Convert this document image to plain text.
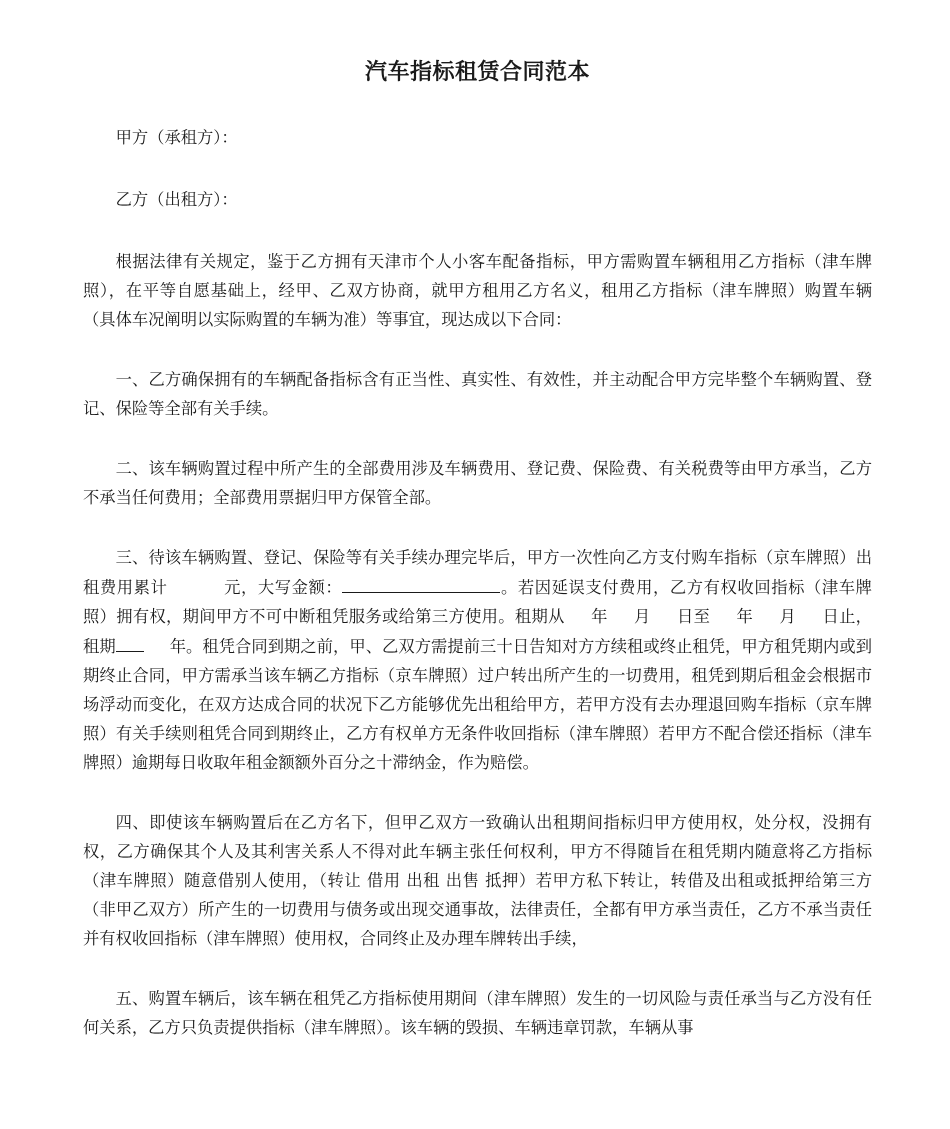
汽车指标租赁合同范本

甲方（承租方）：

乙方（出租方）：

根据法律有关规定，鉴于乙方拥有天津市个人小客车配备指标，甲方需购置车辆租用乙方指标（津车牌照），在平等自愿基础上，经甲、乙双方协商，就甲方租用乙方名义，租用乙方指标（津车牌照）购置车辆（具体车况阐明以实际购置的车辆为准）等事宜，现达成以下合同：

一、乙方确保拥有的车辆配备指标含有正当性、真实性、有效性，并主动配合甲方完毕整个车辆购置、登记、保险等全部有关手续。

二、该车辆购置过程中所产生的全部费用涉及车辆费用、登记费、保险费、有关税费等由甲方承当，乙方不承当任何费用；全部费用票据归甲方保管全部。

三、待该车辆购置、登记、保险等有关手续办理完毕后，甲方一次性向乙方支付购车指标（京车牌照）出租费用累计	元，大写金额：	。若因延误支付费用，乙方有权收回指标（津车牌照）拥有权，期间甲方不可中断租凭服务或给第三方使用。租期从 年 月 日至 年 月 日止，租期	年。租凭合同到期之前，甲、乙双方需提前三十日告知对方方续租或终止租凭，甲方租凭期内或到期终止合同，甲方需承当该车辆乙方指标（京车牌照）过户转出所产生的一切费用，租凭到期后租金会根据市场浮动而变化，在双方达成合同的状况下乙方能够优先出租给甲方，若甲方没有去办理退回购车指标（京车牌照）有关手续则租凭合同到期终止，乙方有权单方无条件收回指标（津车牌照）若甲方不配合偿还指标（津车牌照）逾期每日收取年租金额额外百分之十滞纳金，作为赔偿。

四、即使该车辆购置后在乙方名下，但甲乙双方一致确认出租期间指标归甲方使用权，处分权，没拥有权，乙方确保其个人及其利害关系人不得对此车辆主张任何权利，甲方不得随旨在租凭期内随意将乙方指标（津车牌照）随意借别人使用，（转让 借用 出租 出售 抵押）若甲方私下转让，转借及出租或抵押给第三方（非甲乙双方）所产生的一切费用与债务或出现交通事故，法律责任，全都有甲方承当责任，乙方不承当责任并有权收回指标（津车牌照）使用权，合同终止及办理车牌转出手续，

五、购置车辆后，该车辆在租凭乙方指标使用期间（津车牌照）发生的一切风险与责任承当与乙方没有任何关系，乙方只负责提供指标（津车牌照）。该车辆的毁损、车辆违章罚款，车辆从事
